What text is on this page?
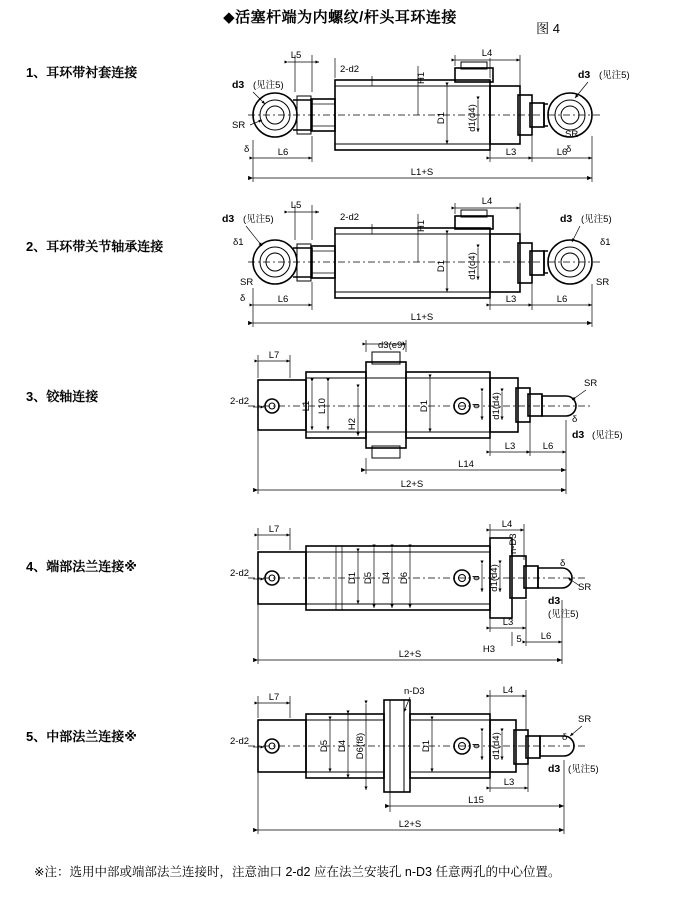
◆活塞杆端为内螺纹/杆头耳环连接
图 4
1、耳环带衬套连接
2、耳环带关节轴承连接
3、铰轴连接
4、端部法兰连接※
5、中部法兰连接※
※注：选用中部或端部法兰连接时，注意油口 2-d2 应在法兰安装孔 n-D3 任意两孔的中心位置。
L5
2-d2
L4
H1
D1 d1(d4)
d3 (见注5)
d3 (见注5)
SR
SR
δ	δ
L6	L3	L6
L1+S
L5
2-d2
L4
H1
D1 d1(d4)
d3 (见注5)	d3 (见注5)
δ1	δ1
SR	SR
δ	L6	L3	L6
L1+S
2-d2
L7
d3(e9)
L1 L10
H2
D1	d d1(d4)
SR
δ
d3 (见注5)
L3	L6
L14
L2+S
2-d2
L7	L4
n-D3
D1 D5 D4 D6	d d1(d4)	SR
δ
d3
(见注5)
L3
5
H3
L6
L2+S
2-d2
L7
n-D3	L4
D5 D4 D6(f8)	D1	d d1(d4)
SR
δ
d3 (见注5)
L3
L15
L2+S
